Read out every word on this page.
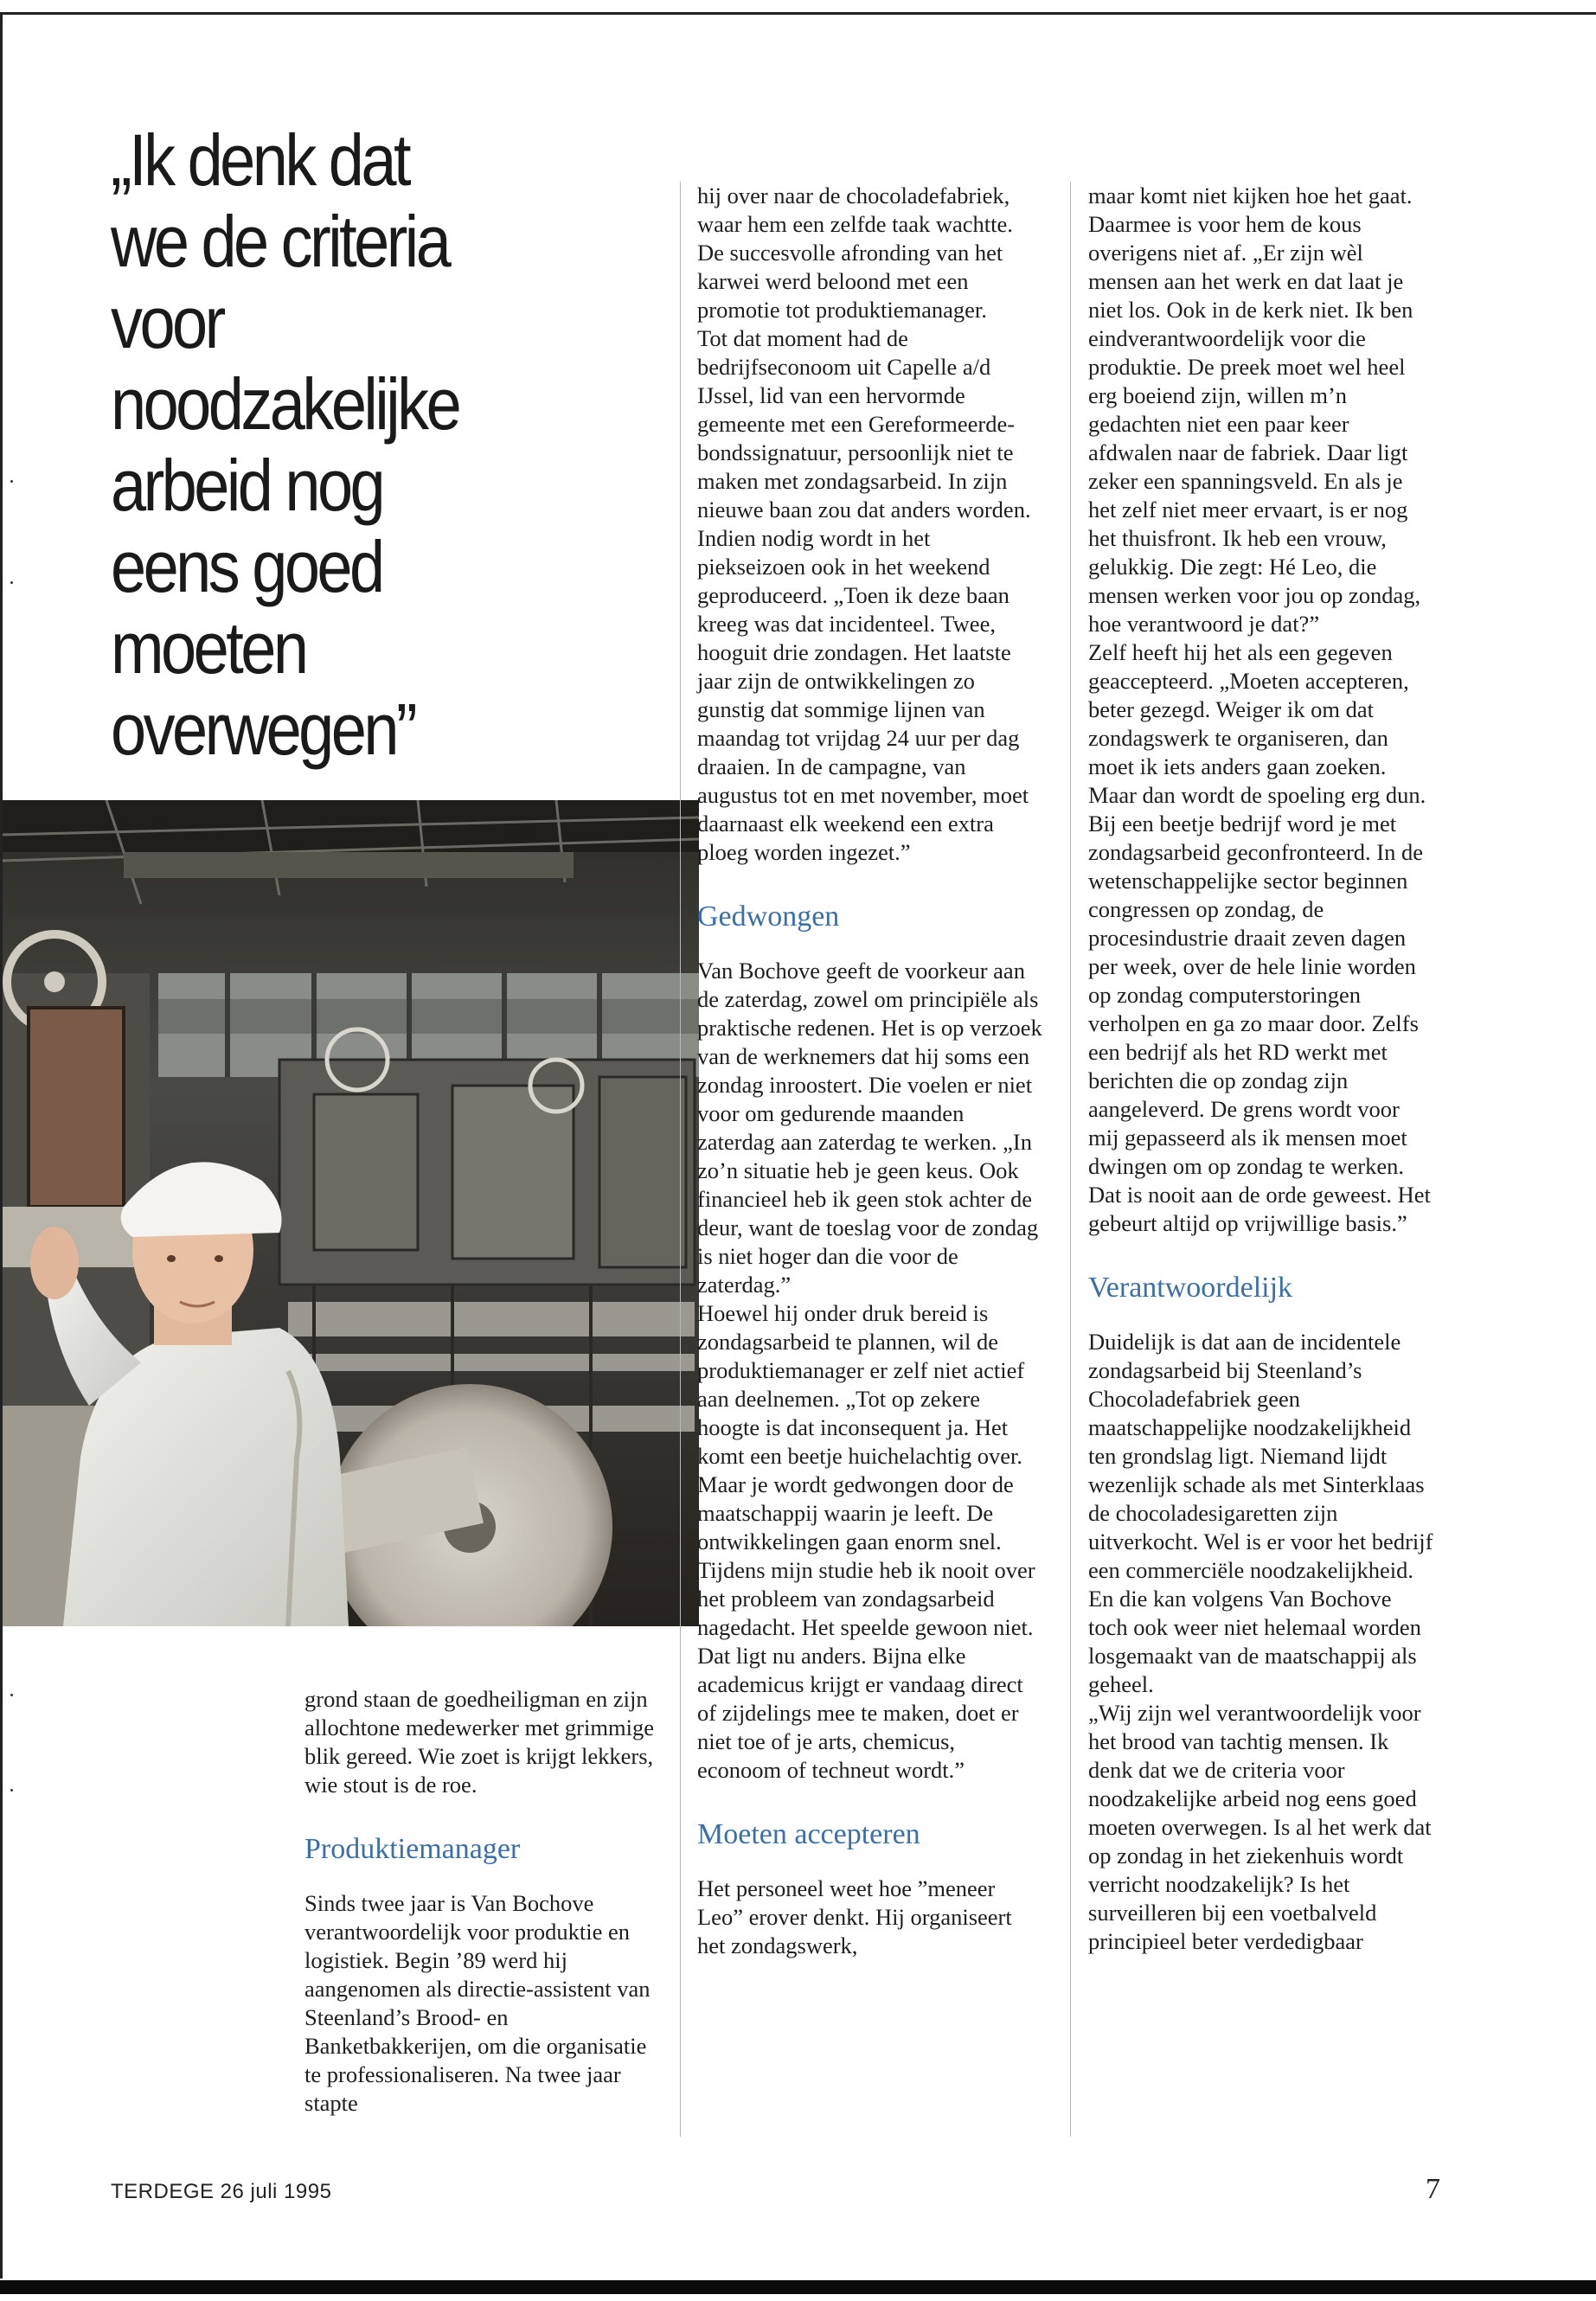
„Ik denk dat
we de criteria
voor
noodzakelijke
arbeid nog
eens goed
moeten
overwegen”

grond staan de goedheiligman en zijn allochtone medewerker met grimmige blik gereed. Wie zoet is krijgt lekkers, wie stout is de roe.

Produktiemanager

Sinds twee jaar is Van Bochove verantwoordelijk voor produktie en logistiek. Begin ’89 werd hij aangenomen als directie-assistent van Steenland’s Brood- en Banketbakkerijen, om die organisatie te professionaliseren. Na twee jaar stapte

hij over naar de chocoladefabriek, waar hem een zelfde taak wachtte. De succesvolle afronding van het karwei werd beloond met een promotie tot produktiemanager.

Tot dat moment had de bedrijfseconoom uit Capelle a/d IJssel, lid van een hervormde gemeente met een Gereformeerde-bondssignatuur, persoonlijk niet te maken met zondagsarbeid. In zijn nieuwe baan zou dat anders worden. Indien nodig wordt in het piekseizoen ook in het weekend geproduceerd. „Toen ik deze baan kreeg was dat incidenteel. Twee, hooguit drie zondagen. Het laatste jaar zijn de ontwikkelingen zo gunstig dat sommige lijnen van maandag tot vrijdag 24 uur per dag draaien. In de campagne, van augustus tot en met november, moet daarnaast elk weekend een extra ploeg worden ingezet.”

Gedwongen

Van Bochove geeft de voorkeur aan de zaterdag, zowel om principiële als praktische redenen. Het is op verzoek van de werknemers dat hij soms een zondag inroostert. Die voelen er niet voor om gedurende maanden zaterdag aan zaterdag te werken. „In zo’n situatie heb je geen keus. Ook financieel heb ik geen stok achter de deur, want de toeslag voor de zondag is niet hoger dan die voor de zaterdag.”

Hoewel hij onder druk bereid is zondagsarbeid te plannen, wil de produktiemanager er zelf niet actief aan deelnemen. „Tot op zekere hoogte is dat inconsequent ja. Het komt een beetje huichelachtig over. Maar je wordt gedwongen door de maatschappij waarin je leeft. De ontwikkelingen gaan enorm snel. Tijdens mijn studie heb ik nooit over het probleem van zondagsarbeid nagedacht. Het speelde gewoon niet. Dat ligt nu anders. Bijna elke academicus krijgt er vandaag direct of zijdelings mee te maken, doet er niet toe of je arts, chemicus, econoom of techneut wordt.”

Moeten accepteren

Het personeel weet hoe ”meneer Leo” erover denkt. Hij organiseert het zondagswerk,

maar komt niet kijken hoe het gaat. Daarmee is voor hem de kous overigens niet af. „Er zijn wèl mensen aan het werk en dat laat je niet los. Ook in de kerk niet. Ik ben eindverantwoordelijk voor die produktie. De preek moet wel heel erg boeiend zijn, willen m’n gedachten niet een paar keer afdwalen naar de fabriek. Daar ligt zeker een spanningsveld. En als je het zelf niet meer ervaart, is er nog het thuisfront. Ik heb een vrouw, gelukkig. Die zegt: Hé Leo, die mensen werken voor jou op zondag, hoe verantwoord je dat?”

Zelf heeft hij het als een gegeven geaccepteerd. „Moeten accepteren, beter gezegd. Weiger ik om dat zondagswerk te organiseren, dan moet ik iets anders gaan zoeken. Maar dan wordt de spoeling erg dun. Bij een beetje bedrijf word je met zondagsarbeid geconfronteerd. In de wetenschappelijke sector beginnen congressen op zondag, de procesindustrie draait zeven dagen per week, over de hele linie worden op zondag computerstoringen verholpen en ga zo maar door. Zelfs een bedrijf als het RD werkt met berichten die op zondag zijn aangeleverd. De grens wordt voor mij gepasseerd als ik mensen moet dwingen om op zondag te werken. Dat is nooit aan de orde geweest. Het gebeurt altijd op vrijwillige basis.”

Verantwoordelijk

Duidelijk is dat aan de incidentele zondagsarbeid bij Steenland’s Chocoladefabriek geen maatschappelijke noodzakelijkheid ten grondslag ligt. Niemand lijdt wezenlijk schade als met Sinterklaas de chocoladesigaretten zijn uitverkocht. Wel is er voor het bedrijf een commerciële noodzakelijkheid. En die kan volgens Van Bochove toch ook weer niet helemaal worden losgemaakt van de maatschappij als geheel.

„Wij zijn wel verantwoordelijk voor het brood van tachtig mensen. Ik denk dat we de criteria voor noodzakelijke arbeid nog eens goed moeten overwegen. Is al het werk dat op zondag in het ziekenhuis wordt verricht noodzakelijk? Is het surveilleren bij een voetbalveld principieel beter verdedigbaar

TERDEGE 26 juli 1995	7
